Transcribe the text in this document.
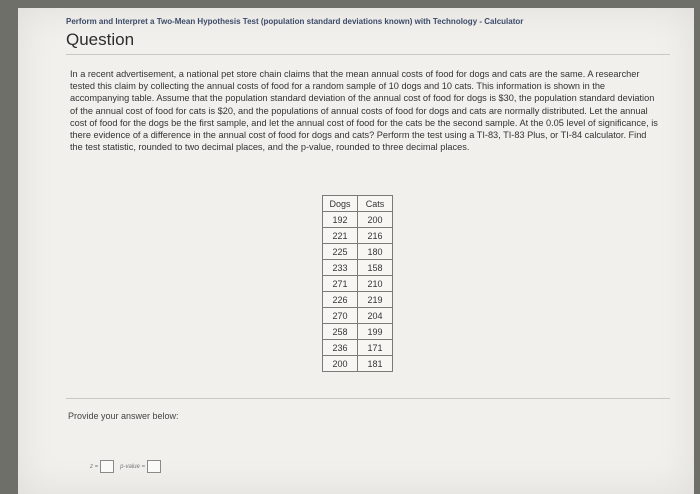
Perform and Interpret a Two-Mean Hypothesis Test (population standard deviations known) with Technology - Calculator
Question
In a recent advertisement, a national pet store chain claims that the mean annual costs of food for dogs and cats are the same. A researcher tested this claim by collecting the annual costs of food for a random sample of 10 dogs and 10 cats. This information is shown in the accompanying table. Assume that the population standard deviation of the annual cost of food for dogs is $30, the population standard deviation of the annual cost of food for cats is $20, and the populations of annual costs of food for dogs and cats are normally distributed. Let the annual cost of food for the dogs be the first sample, and let the annual cost of food for the cats be the second sample. At the 0.05 level of significance, is there evidence of a difference in the annual cost of food for dogs and cats? Perform the test using a TI-83, TI-83 Plus, or TI-84 calculator. Find the test statistic, rounded to two decimal places, and the p-value, rounded to three decimal places.
Dogs	Cats
192	200
221	216
225	180
233	158
271	210
226	219
270	204
258	199
236	171
200	181
Provide your answer below:
z =	p-value =
